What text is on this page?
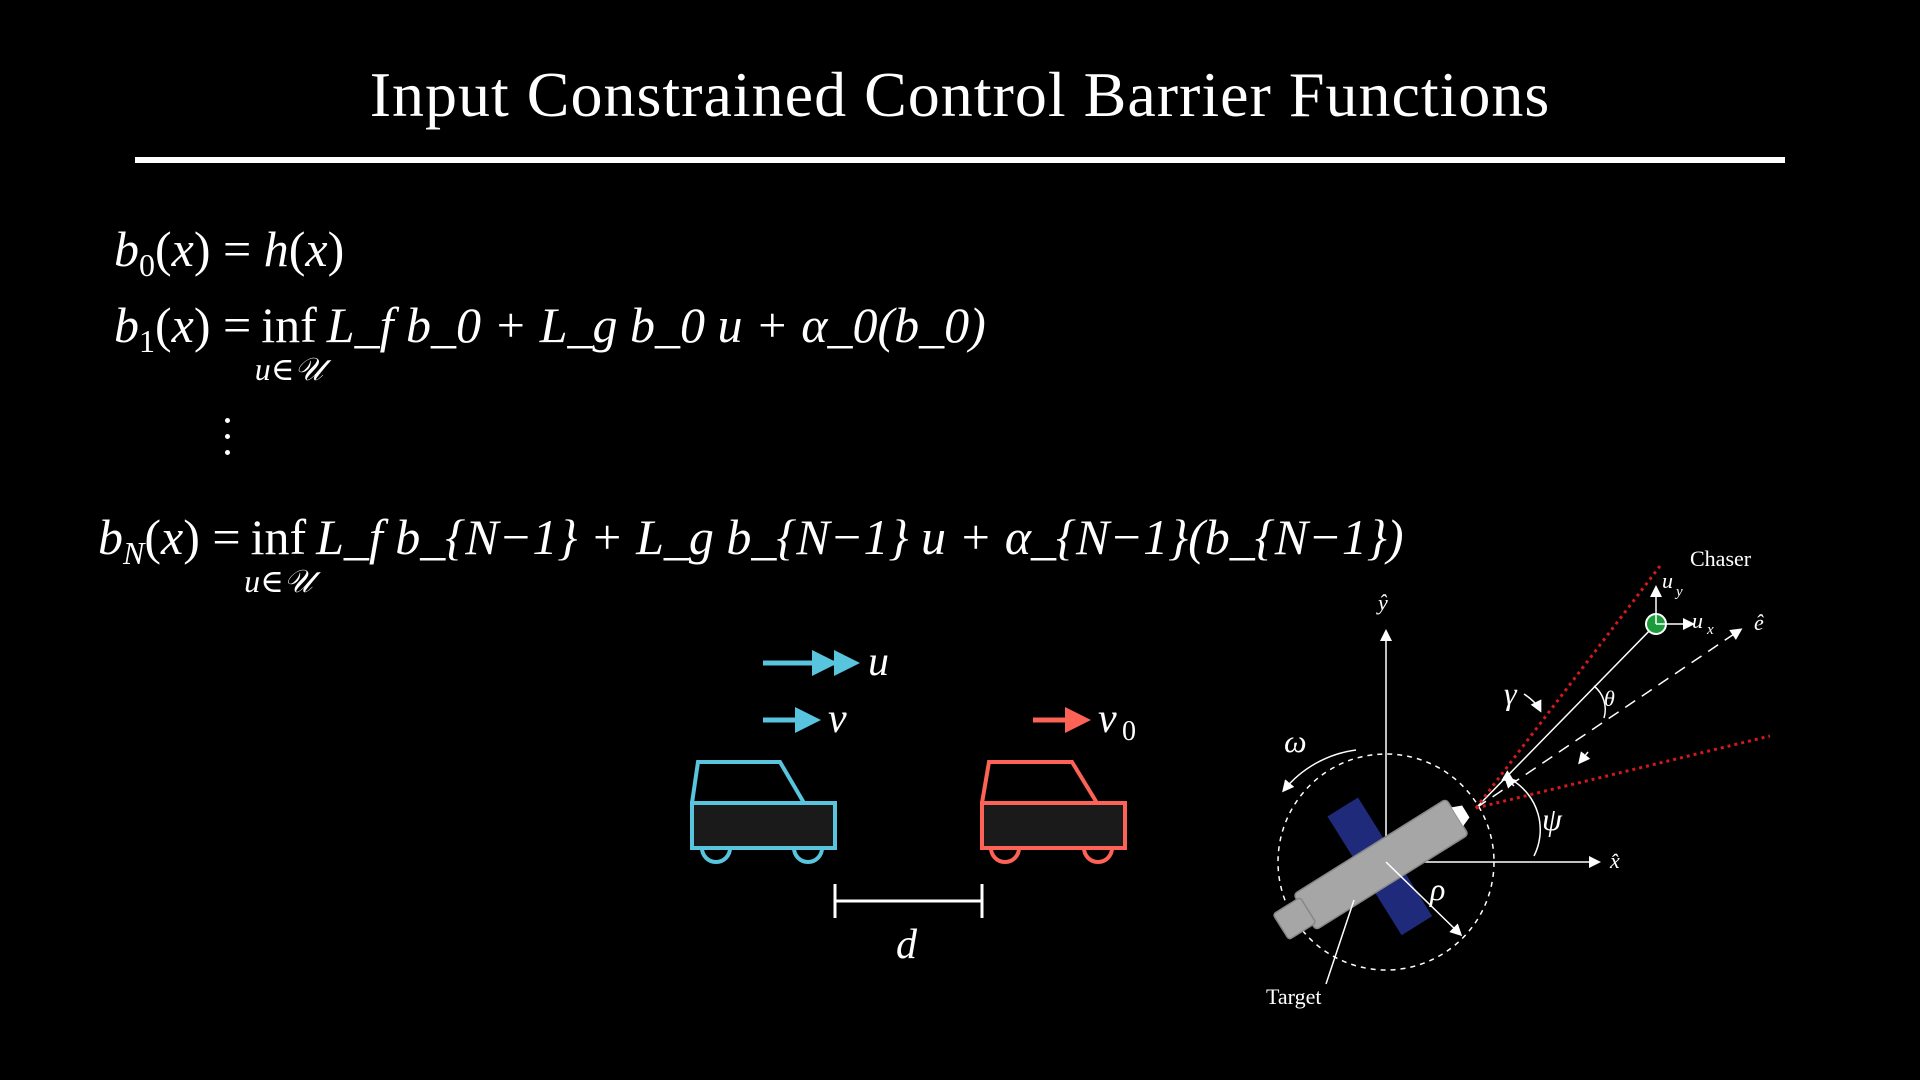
Input Constrained Control Barrier Functions
$b_0(x) = h(x)$
$b_1(x)$ = inf
u∈𝒰
L_f b_0 + L_g b_0 u + α_0(b_0)
$b_N(x)$ = inf
u∈𝒰
L_f b_{N−1} + L_g b_{N−1} u + α_{N−1}(b_{N−1})
u
v	v 0
d
ŷ
x̂
ê
ψ
θ
γ
ρ
ω
u y
u x
Chaser
Target
